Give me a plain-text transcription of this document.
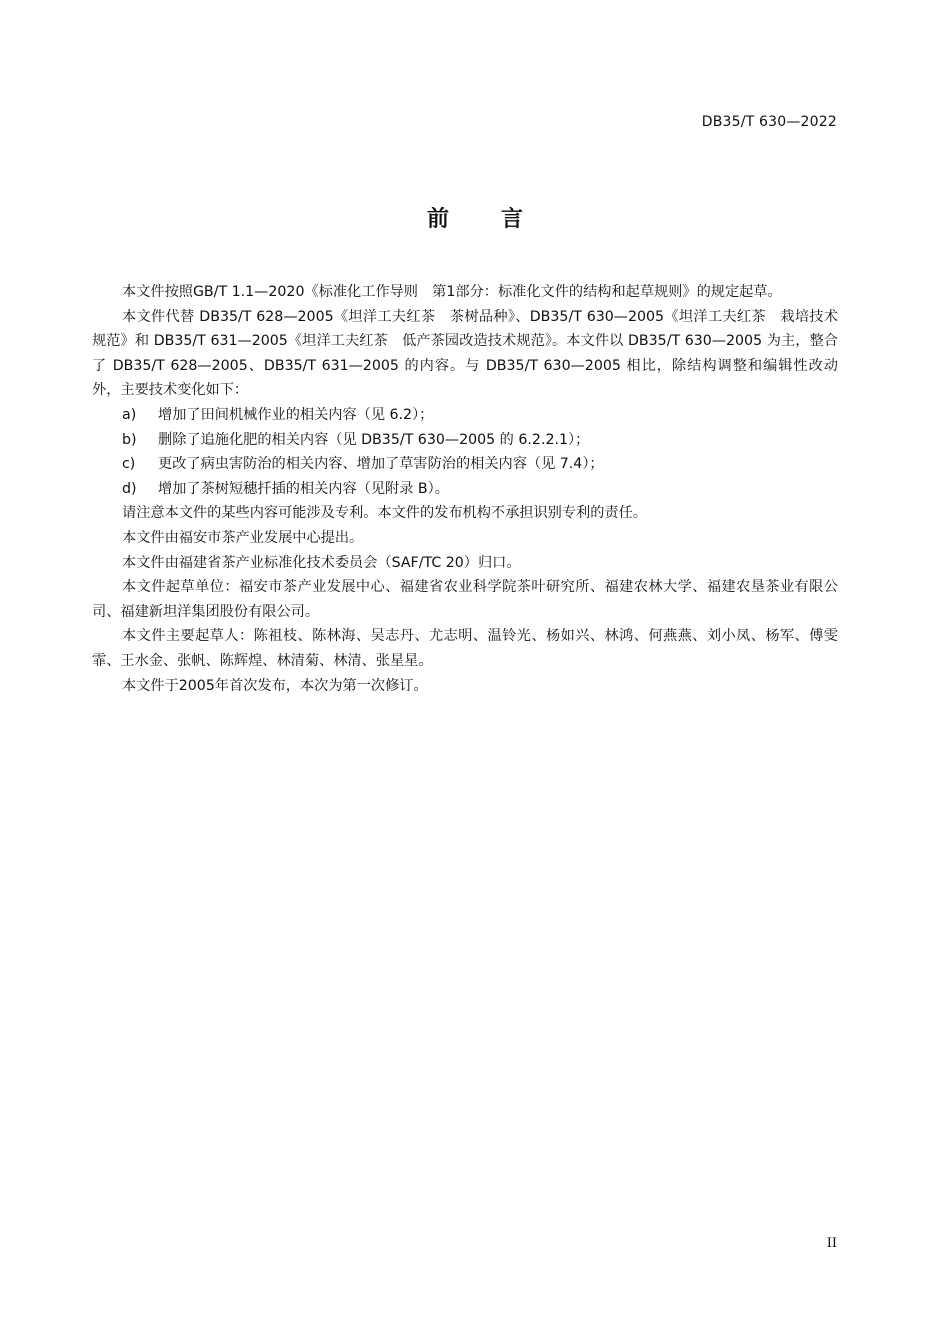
DB35/T 630—2022
前 言

本文件按照GB/T 1.1—2020《标准化工作导则　第1部分：标准化文件的结构和起草规则》的规定起草。

本文件代替 DB35/T 628—2005《坦洋工夫红茶　茶树品种》、DB35/T 630—2005《坦洋工夫红茶　栽培技术规范》和 DB35/T 631—2005《坦洋工夫红茶　低产茶园改造技术规范》。本文件以 DB35/T 630—2005 为主，整合了 DB35/T 628—2005、DB35/T 631—2005 的内容。与 DB35/T 630—2005 相比，除结构调整和编辑性改动外，主要技术变化如下：

a) 增加了田间机械作业的相关内容（见 6.2）；

b) 删除了追施化肥的相关内容（见 DB35/T 630—2005 的 6.2.2.1）；

c) 更改了病虫害防治的相关内容、增加了草害防治的相关内容（见 7.4）；

d) 增加了茶树短穗扦插的相关内容（见附录 B）。

请注意本文件的某些内容可能涉及专利。本文件的发布机构不承担识别专利的责任。

本文件由福安市茶产业发展中心提出。

本文件由福建省茶产业标准化技术委员会（SAF/TC 20）归口。

本文件起草单位：福安市茶产业发展中心、福建省农业科学院茶叶研究所、福建农林大学、福建农垦茶业有限公司、福建新坦洋集团股份有限公司。

本文件主要起草人：陈祖枝、陈林海、吴志丹、尤志明、温铃光、杨如兴、林鸿、何燕燕、刘小凤、杨军、傅雯霏、王水金、张帆、陈辉煌、林清菊、林清、张星星。

本文件于2005年首次发布，本次为第一次修订。

II
